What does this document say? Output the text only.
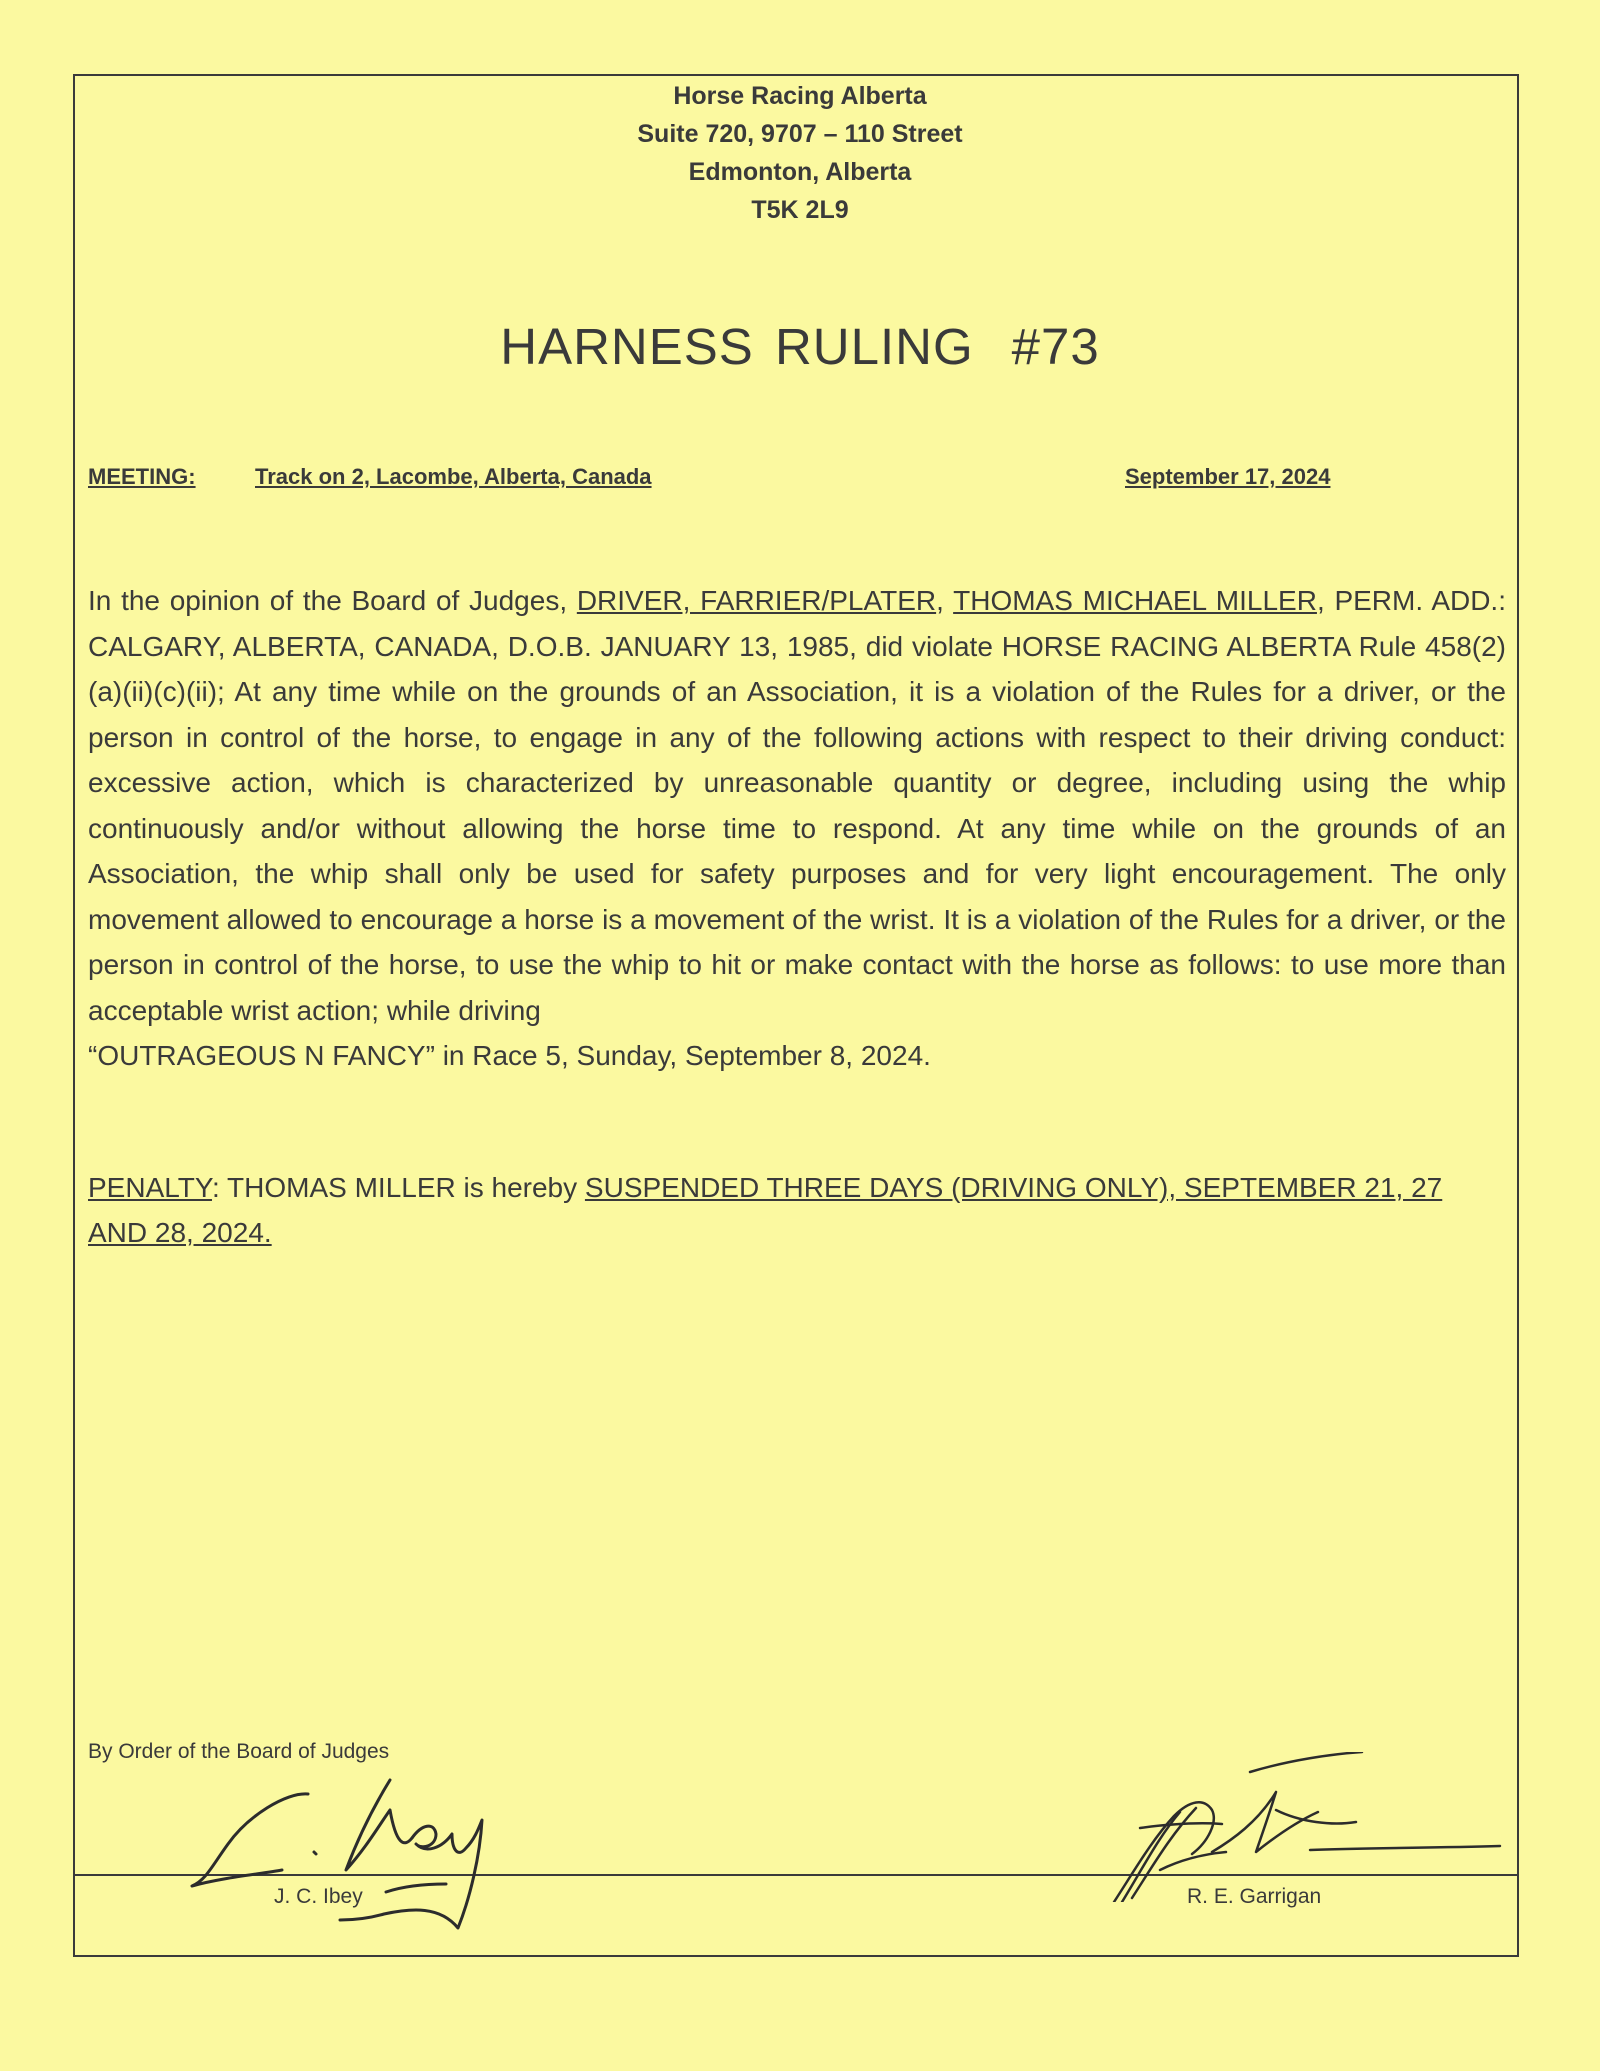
Horse Racing Alberta
Suite 720, 9707 – 110 Street
Edmonton, Alberta
T5K 2L9
HARNESS RULING #73
MEETING:	Track on 2, Lacombe, Alberta, Canada	September 17, 2024
In the opinion of the Board of Judges, DRIVER, FARRIER/PLATER, THOMAS MICHAEL MILLER, PERM. ADD.: CALGARY, ALBERTA, CANADA, D.O.B. JANUARY 13, 1985, did violate HORSE RACING ALBERTA Rule 458(2)(a)(ii)(c)(ii); At any time while on the grounds of an Association, it is a violation of the Rules for a driver, or the person in control of the horse, to engage in any of the following actions with respect to their driving conduct: excessive action, which is characterized by unreasonable quantity or degree, including using the whip continuously and/or without allowing the horse time to respond. At any time while on the grounds of an Association, the whip shall only be used for safety purposes and for very light encouragement. The only movement allowed to encourage a horse is a movement of the wrist. It is a violation of the Rules for a driver, or the person in control of the horse, to use the whip to hit or make contact with the horse as follows: to use more than acceptable wrist action; while driving
“OUTRAGEOUS N FANCY” in Race 5, Sunday, September 8, 2024.
PENALTY: THOMAS MILLER is hereby SUSPENDED THREE DAYS (DRIVING ONLY), SEPTEMBER 21, 27 AND 28, 2024.
By Order of the Board of Judges
J. C. Ibey	R. E. Garrigan
